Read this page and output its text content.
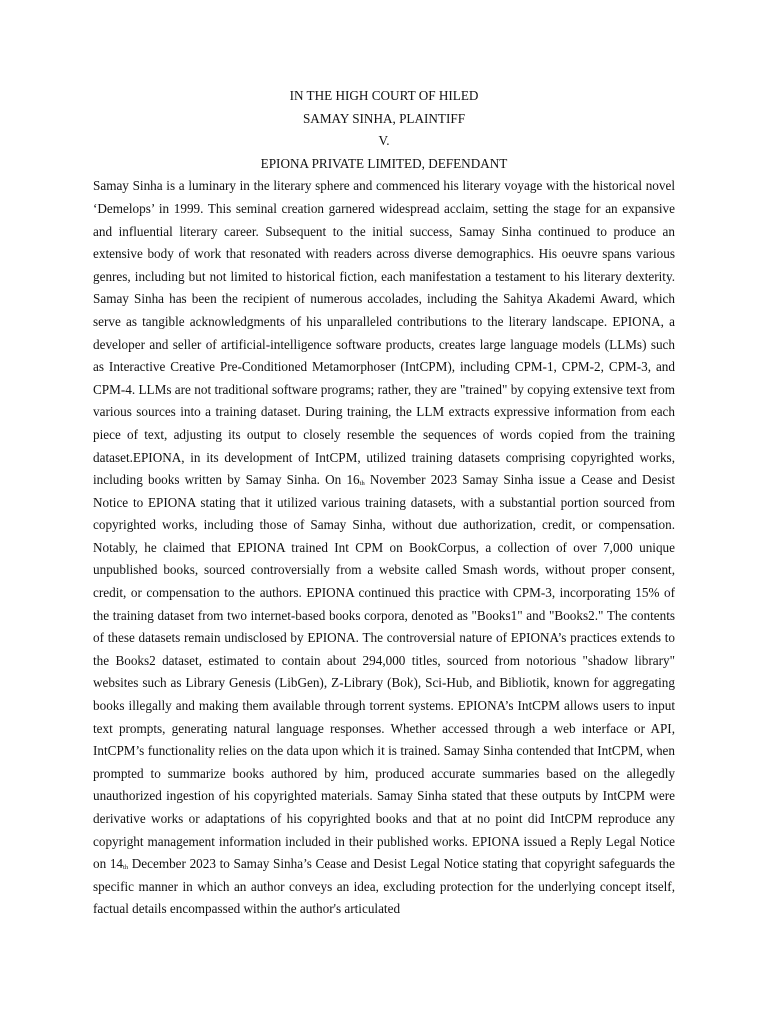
IN THE HIGH COURT OF HILED

SAMAY SINHA, PLAINTIFF

V.

EPIONA PRIVATE LIMITED, DEFENDANT

Samay Sinha is a luminary in the literary sphere and commenced his literary voyage with the historical novel ‘Demelops’ in 1999. This seminal creation garnered widespread acclaim, setting the stage for an expansive and influential literary career. Subsequent to the initial success, Samay Sinha continued to produce an extensive body of work that resonated with readers across diverse demographics. His oeuvre spans various genres, including but not limited to historical fiction, each manifestation a testament to his literary dexterity. Samay Sinha has been the recipient of numerous accolades, including the Sahitya Akademi Award, which serve as tangible acknowledgments of his unparalleled contributions to the literary landscape. EPIONA, a developer and seller of artificial-intelligence software products, creates large language models (LLMs) such as Interactive Creative Pre-Conditioned Metamorphoser (IntCPM), including CPM-1, CPM-2, CPM-3, and CPM-4. LLMs are not traditional software programs; rather, they are "trained" by copying extensive text from various sources into a training dataset. During training, the LLM extracts expressive information from each piece of text, adjusting its output to closely resemble the sequences of words copied from the training dataset.EPIONA, in its development of IntCPM, utilized training datasets comprising copyrighted works, including books written by Samay Sinha. On $16_{th}$ November 2023 Samay Sinha issue a Cease and Desist Notice to EPIONA stating that it utilized various training datasets, with a substantial portion sourced from copyrighted works, including those of Samay Sinha, without due authorization, credit, or compensation. Notably, he claimed that EPIONA trained Int CPM on BookCorpus, a collection of over 7,000 unique unpublished books, sourced controversially from a website called Smash words, without proper consent, credit, or compensation to the authors. EPIONA continued this practice with CPM-3, incorporating 15% of the training dataset from two internet-based books corpora, denoted as "Books1" and "Books2." The contents of these datasets remain undisclosed by EPIONA. The controversial nature of EPIONA’s practices extends to the Books2 dataset, estimated to contain about 294,000 titles, sourced from notorious "shadow library" websites such as Library Genesis (LibGen), Z-Library (Bok), Sci-Hub, and Bibliotik, known for aggregating books illegally and making them available through torrent systems. EPIONA’s IntCPM allows users to input text prompts, generating natural language responses. Whether accessed through a web interface or API, IntCPM’s functionality relies on the data upon which it is trained. Samay Sinha contended that IntCPM, when prompted to summarize books authored by him, produced accurate summaries based on the allegedly unauthorized ingestion of his copyrighted materials. Samay Sinha stated that these outputs by IntCPM were derivative works or adaptations of his copyrighted books and that at no point did IntCPM reproduce any copyright management information included in their published works. EPIONA issued a Reply Legal Notice on $14_{th}$ December 2023 to Samay Sinha’s Cease and Desist Legal Notice stating that copyright safeguards the specific manner in which an author conveys an idea, excluding protection for the underlying concept itself, factual details encompassed within the author's articulated
